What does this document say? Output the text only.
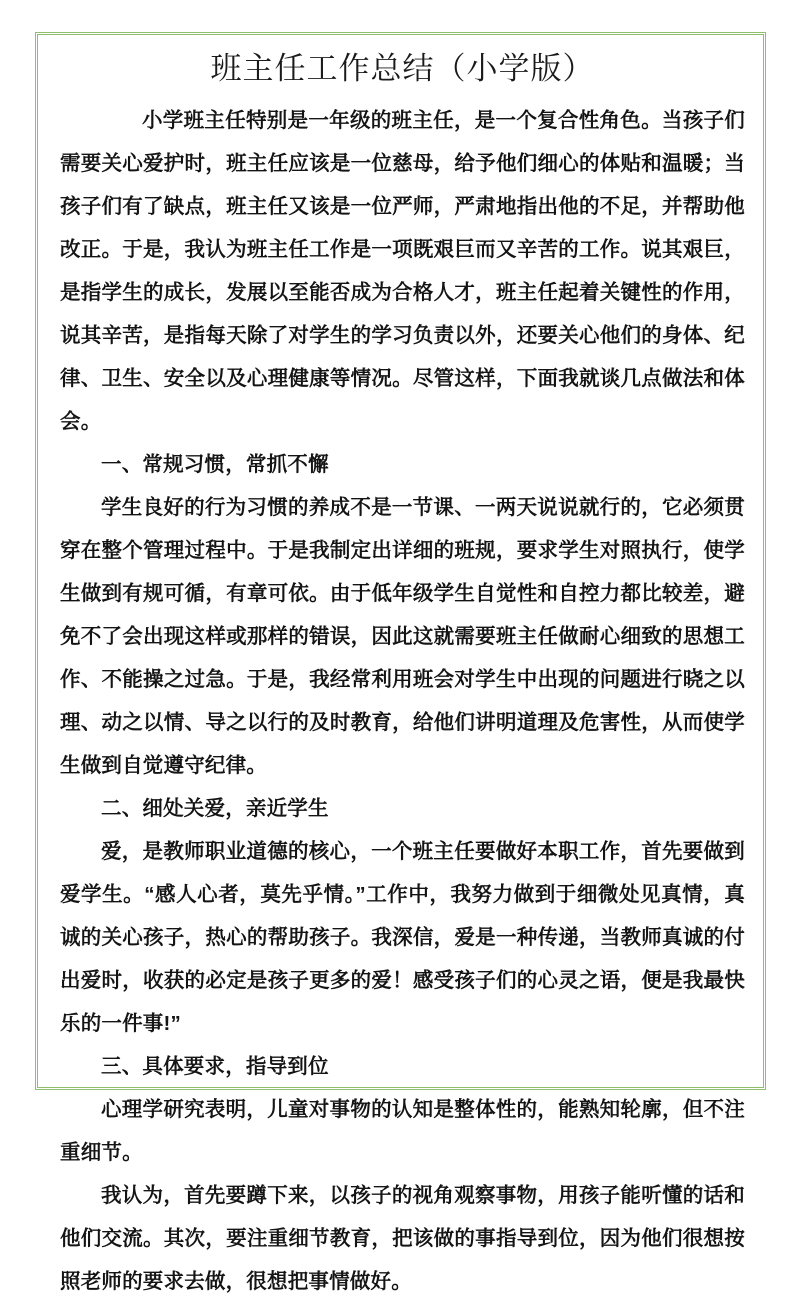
班主任工作总结（小学版）

小学班主任特别是一年级的班主任，是一个复合性角色。当孩子们需要关心爱护时，班主任应该是一位慈母，给予他们细心的体贴和温暖；当孩子们有了缺点，班主任又该是一位严师，严肃地指出他的不足，并帮助他改正。于是，我认为班主任工作是一项既艰巨而又辛苦的工作。说其艰巨，是指学生的成长，发展以至能否成为合格人才，班主任起着关键性的作用，说其辛苦，是指每天除了对学生的学习负责以外，还要关心他们的身体、纪律、卫生、安全以及心理健康等情况。尽管这样，下面我就谈几点做法和体会。

一、常规习惯，常抓不懈

学生良好的行为习惯的养成不是一节课、一两天说说就行的，它必须贯穿在整个管理过程中。于是我制定出详细的班规，要求学生对照执行，使学生做到有规可循，有章可依。由于低年级学生自觉性和自控力都比较差，避免不了会出现这样或那样的错误，因此这就需要班主任做耐心细致的思想工作、不能操之过急。于是，我经常利用班会对学生中出现的问题进行晓之以理、动之以情、导之以行的及时教育，给他们讲明道理及危害性，从而使学生做到自觉遵守纪律。

二、细处关爱，亲近学生

爱，是教师职业道德的核心，一个班主任要做好本职工作，首先要做到爱学生。“感人心者，莫先乎情。”工作中，我努力做到于细微处见真情，真诚的关心孩子，热心的帮助孩子。我深信，爱是一种传递，当教师真诚的付出爱时，收获的必定是孩子更多的爱！感受孩子们的心灵之语，便是我最快乐的一件事!”

三、具体要求，指导到位

心理学研究表明，儿童对事物的认知是整体性的，能熟知轮廓，但不注重细节。

我认为，首先要蹲下来，以孩子的视角观察事物，用孩子能听懂的话和他们交流。其次，要注重细节教育，把该做的事指导到位，因为他们很想按照老师的要求去做，很想把事情做好。
